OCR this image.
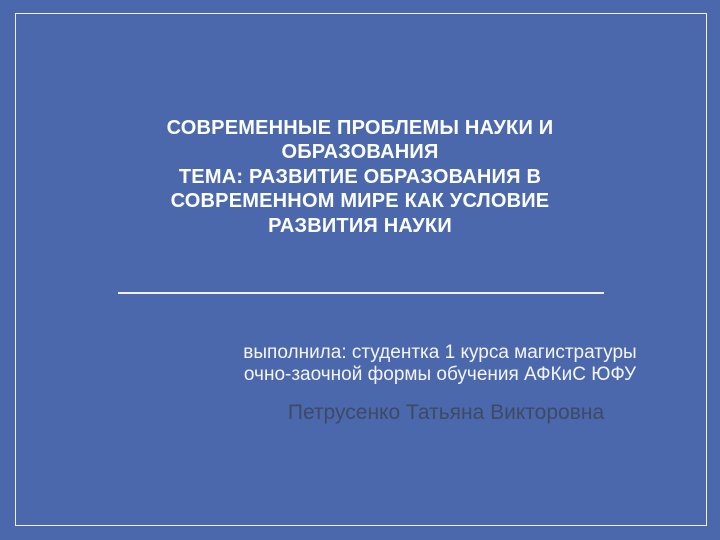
СОВРЕМЕННЫЕ ПРОБЛЕМЫ НАУКИ И
ОБРАЗОВАНИЯ
ТЕМА: РАЗВИТИЕ ОБРАЗОВАНИЯ В
СОВРЕМЕННОМ МИРЕ КАК УСЛОВИЕ
РАЗВИТИЯ НАУКИ
выполнила: студентка 1 курса магистратуры
очно-заочной формы обучения АФКиС ЮФУ
Петрусенко Татьяна Викторовна
